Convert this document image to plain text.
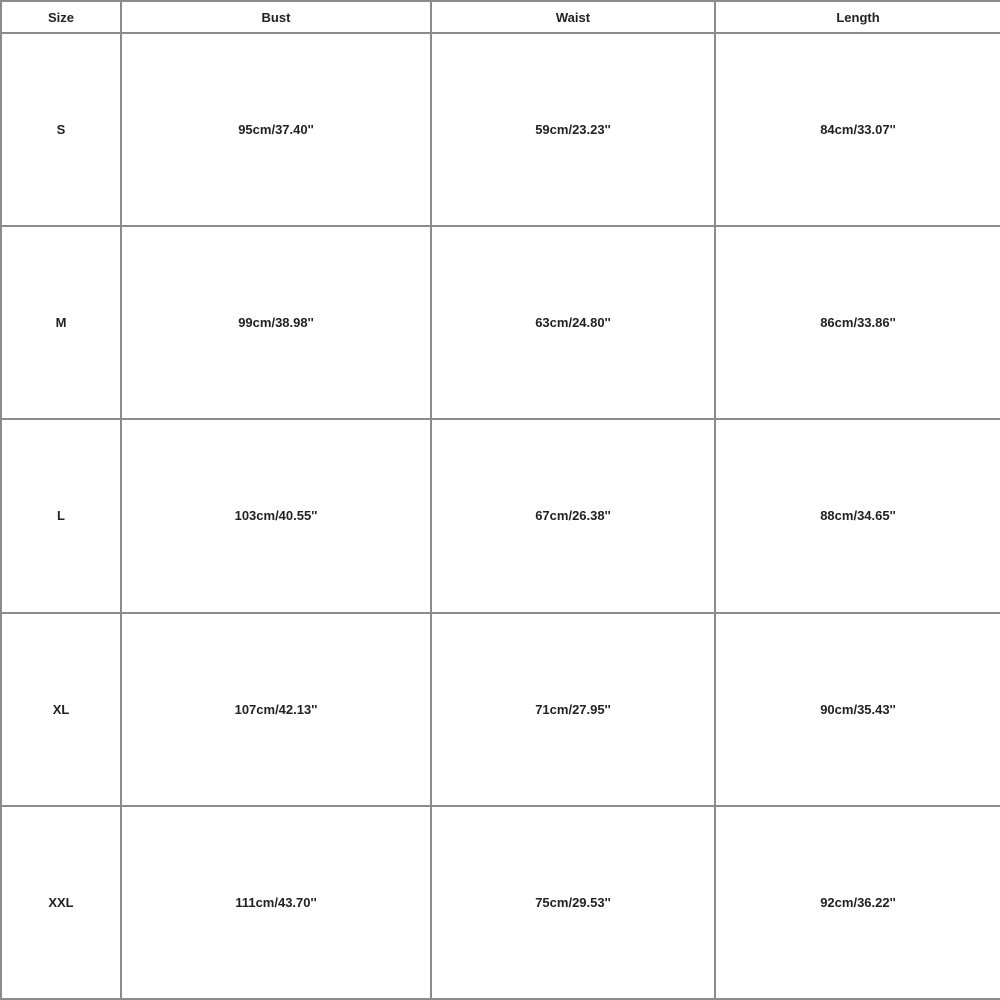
Size	Bust	Waist	Length
S	95cm/37.40''	59cm/23.23''	84cm/33.07''
M	99cm/38.98''	63cm/24.80''	86cm/33.86''
L	103cm/40.55''	67cm/26.38''	88cm/34.65''
XL	107cm/42.13''	71cm/27.95''	90cm/35.43''
XXL	111cm/43.70''	75cm/29.53''	92cm/36.22''
